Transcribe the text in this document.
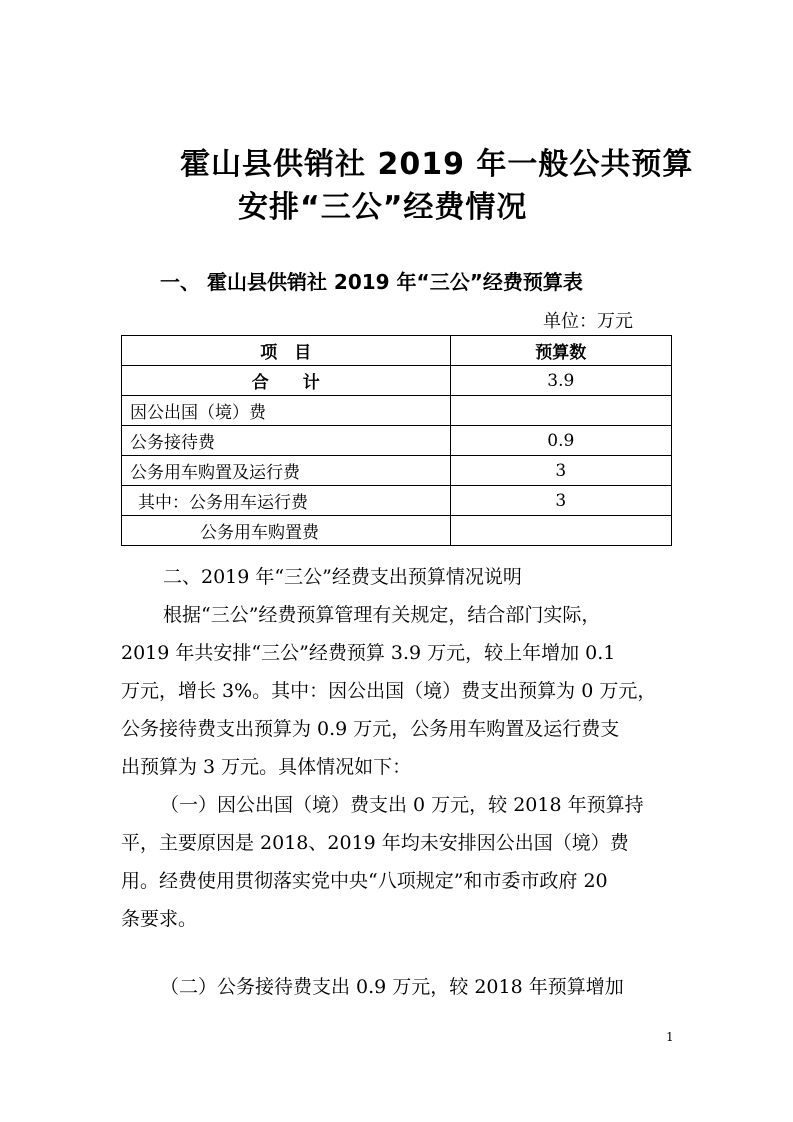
霍山县供销社 2019 年一般公共预算
安排“三公”经费情况
一、 霍山县供销社 2019 年“三公”经费预算表
单位：万元
项　目	预算数
合　　计	3.9
因公出国（境）费	
公务接待费	0.9
公务用车购置及运行费	3
其中：公务用车运行费	3
公务用车购置费	
二、2019 年“三公”经费支出预算情况说明
根据“三公”经费预算管理有关规定，结合部门实际，
2019 年共安排“三公”经费预算 3.9 万元，较上年增加 0.1
万元，增长 3%。其中：因公出国（境）费支出预算为 0 万元，
公务接待费支出预算为 0.9 万元，公务用车购置及运行费支
出预算为 3 万元。具体情况如下：
（一）因公出国（境）费支出 0 万元，较 2018 年预算持
平，主要原因是 2018、2019 年均未安排因公出国（境）费
用。经费使用贯彻落实党中央“八项规定”和市委市政府 20
条要求。
（二）公务接待费支出 0.9 万元，较 2018 年预算增加
1
